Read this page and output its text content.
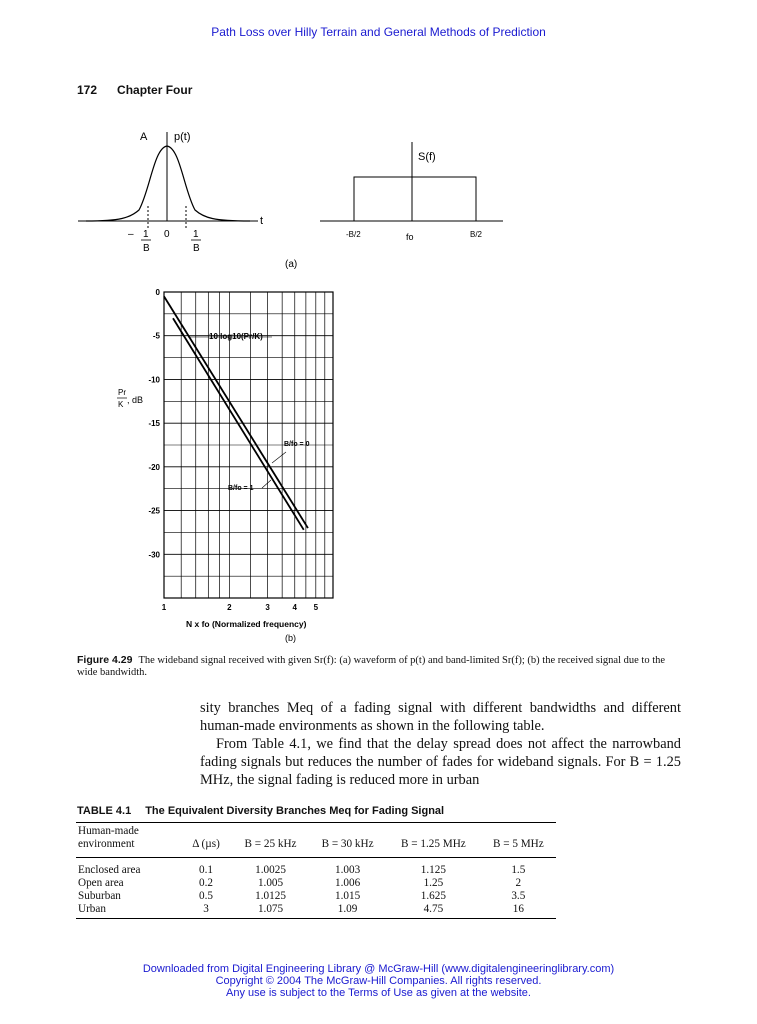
Path Loss over Hilly Terrain and General Methods of Prediction
172 Chapter Four
A p(t)
t
– 1
B
0 1
B
S(f)
-B/2	fo	B/2
(a)
0
-5
-10
-15
-20
-25
-30
1	2	3	4 5
Pr
K , dB
10 log10(Pr/K)
B/fo = 0
B/fo = 1
N x fo (Normalized frequency)
(b)
Figure 4.29 The wideband signal received with given Sr(f): (a) waveform of p(t) and band-limited Sr(f); (b) the received signal due to the wide bandwidth.

sity branches Meq of a fading signal with different bandwidths and different human-made environments as shown in the following table.

From Table 4.1, we find that the delay spread does not affect the narrowband fading signals but reduces the number of fades for wideband signals. For B = 1.25 MHz, the signal fading is reduced more in urban

TABLE 4.1 The Equivalent Diversity Branches Meq for Fading Signal
Human-made environment	Δ (µs)	B = 25 kHz	B = 30 kHz	B = 1.25 MHz	B = 5 MHz
Enclosed area	0.1	1.0025	1.003	1.125	1.5
Open area	0.2	1.005	1.006	1.25	2
Suburban	0.5	1.0125	1.015	1.625	3.5
Urban	3	1.075	1.09	4.75	16
Downloaded from Digital Engineering Library @ McGraw-Hill (www.digitalengineeringlibrary.com)
Copyright © 2004 The McGraw-Hill Companies. All rights reserved.
Any use is subject to the Terms of Use as given at the website.
